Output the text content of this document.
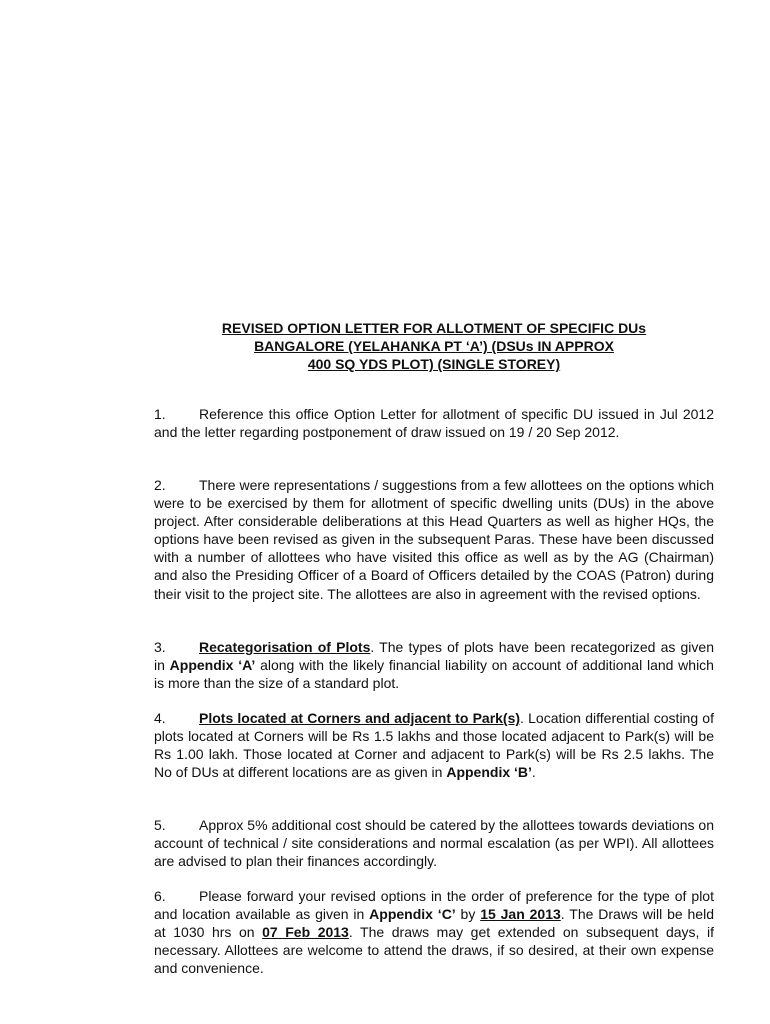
REVISED OPTION LETTER FOR ALLOTMENT OF SPECIFIC DUs
BANGALORE (YELAHANKA PT ‘A’) (DSUs IN APPROX
400 SQ YDS PLOT) (SINGLE STOREY)
1. Reference this office Option Letter for allotment of specific DU issued in Jul 2012 and the letter regarding postponement of draw issued on 19 / 20 Sep 2012.
2. There were representations / suggestions from a few allottees on the options which were to be exercised by them for allotment of specific dwelling units (DUs) in the above project. After considerable deliberations at this Head Quarters as well as higher HQs, the options have been revised as given in the subsequent Paras. These have been discussed with a number of allottees who have visited this office as well as by the AG (Chairman) and also the Presiding Officer of a Board of Officers detailed by the COAS (Patron) during their visit to the project site. The allottees are also in agreement with the revised options.
3. Recategorisation of Plots. The types of plots have been recategorized as given in Appendix ‘A’ along with the likely financial liability on account of additional land which is more than the size of a standard plot.
4. Plots located at Corners and adjacent to Park(s). Location differential costing of plots located at Corners will be Rs 1.5 lakhs and those located adjacent to Park(s) will be Rs 1.00 lakh. Those located at Corner and adjacent to Park(s) will be Rs 2.5 lakhs. The No of DUs at different locations are as given in Appendix ‘B’.
5. Approx 5% additional cost should be catered by the allottees towards deviations on account of technical / site considerations and normal escalation (as per WPI). All allottees are advised to plan their finances accordingly.
6. Please forward your revised options in the order of preference for the type of plot and location available as given in Appendix ‘C’ by 15 Jan 2013. The Draws will be held at 1030 hrs on 07 Feb 2013. The draws may get extended on subsequent days, if necessary. Allottees are welcome to attend the draws, if so desired, at their own expense and convenience.
